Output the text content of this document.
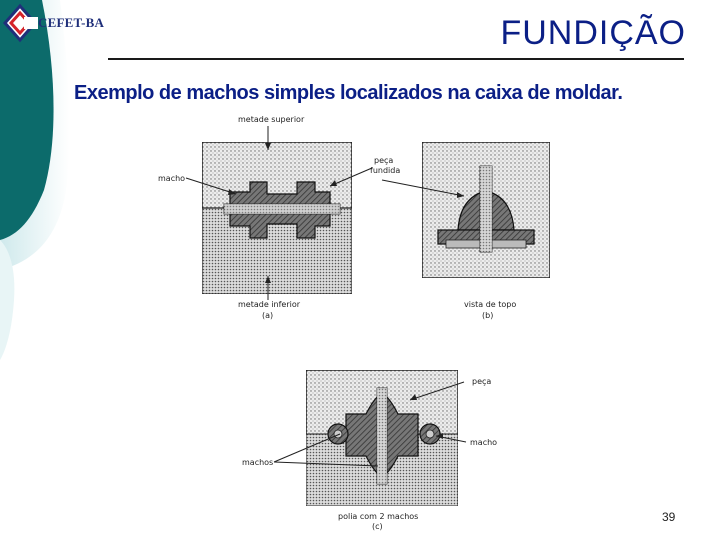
CEFET-BA	FUNDIÇÃO
Exemplo de machos simples localizados na caixa de moldar.
metade superior
peça
fundida
macho
metade inferior
(a)
vista de topo
(b)
peça
macho
machos
polia com 2 machos
(c)
39
